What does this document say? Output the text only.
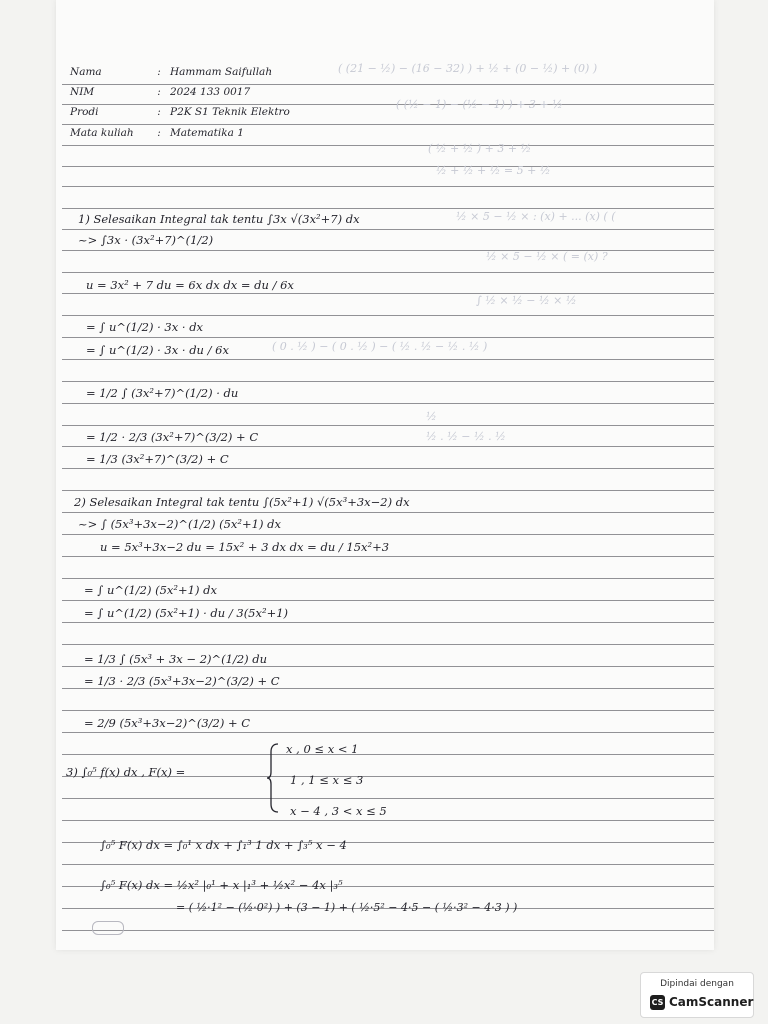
( (21 − ½) − (16 − 32) ) + ½ + (0 − ½) + (0) )
( (½ − 1) − (½ − 1) ) + 3 + ½
( ½ + ½ ) + 3 + ½
½ + ½ + ½ = 5 + ½
½ × 5 − ½ × : (x) + ... (x) ( (
½ × 5 − ½ × ( = (x) ?
∫ ½ × ½ − ½ × ½
( 0 . ½ ) − ( 0 . ½ ) − ( ½ . ½ − ½ . ½ )
½
½ . ½ − ½ . ½
Nama	: Hammam Saifullah
NIM	: 2024 133 0017
Prodi	: P2K S1 Teknik Elektro
Mata kuliah : Matematika 1
1) Selesaikan Integral tak tentu ∫3x √(3x²+7) dx
~> ∫3x · (3x²+7)^(1/2)
u = 3x² + 7 du = 6x dx dx = du / 6x
= ∫ u^(1/2) · 3x · dx
= ∫ u^(1/2) · 3x · du / 6x
= 1/2 ∫ (3x²+7)^(1/2) · du
= 1/2 · 2/3 (3x²+7)^(3/2) + C
= 1/3 (3x²+7)^(3/2) + C
2) Selesaikan Integral tak tentu ∫(5x²+1) √(5x³+3x−2) dx
~> ∫ (5x³+3x−2)^(1/2) (5x²+1) dx
u = 5x³+3x−2 du = 15x² + 3 dx dx = du / 15x²+3
= ∫ u^(1/2) (5x²+1) dx
= ∫ u^(1/2) (5x²+1) · du / 3(5x²+1)
= 1/3 ∫ (5x³ + 3x − 2)^(1/2) du
= 1/3 · 2/3 (5x³+3x−2)^(3/2) + C
= 2/9 (5x³+3x−2)^(3/2) + C
3) ∫₀⁵ f(x) dx , F(x) =
x , 0 ≤ x < 1
1 , 1 ≤ x ≤ 3
x − 4 , 3 < x ≤ 5
∫₀⁵ F(x) dx = ∫₀¹ x dx + ∫₁³ 1 dx + ∫₃⁵ x − 4
∫₀⁵ F(x) dx = ½x² |₀¹ + x |₁³ + ½x² − 4x |₃⁵
= ( ½·1² − (½·0²) ) + (3 − 1) + ( ½·5² − 4·5 − ( ½·3² − 4·3 ) )
Dipindai dengan
CS CamScanner
